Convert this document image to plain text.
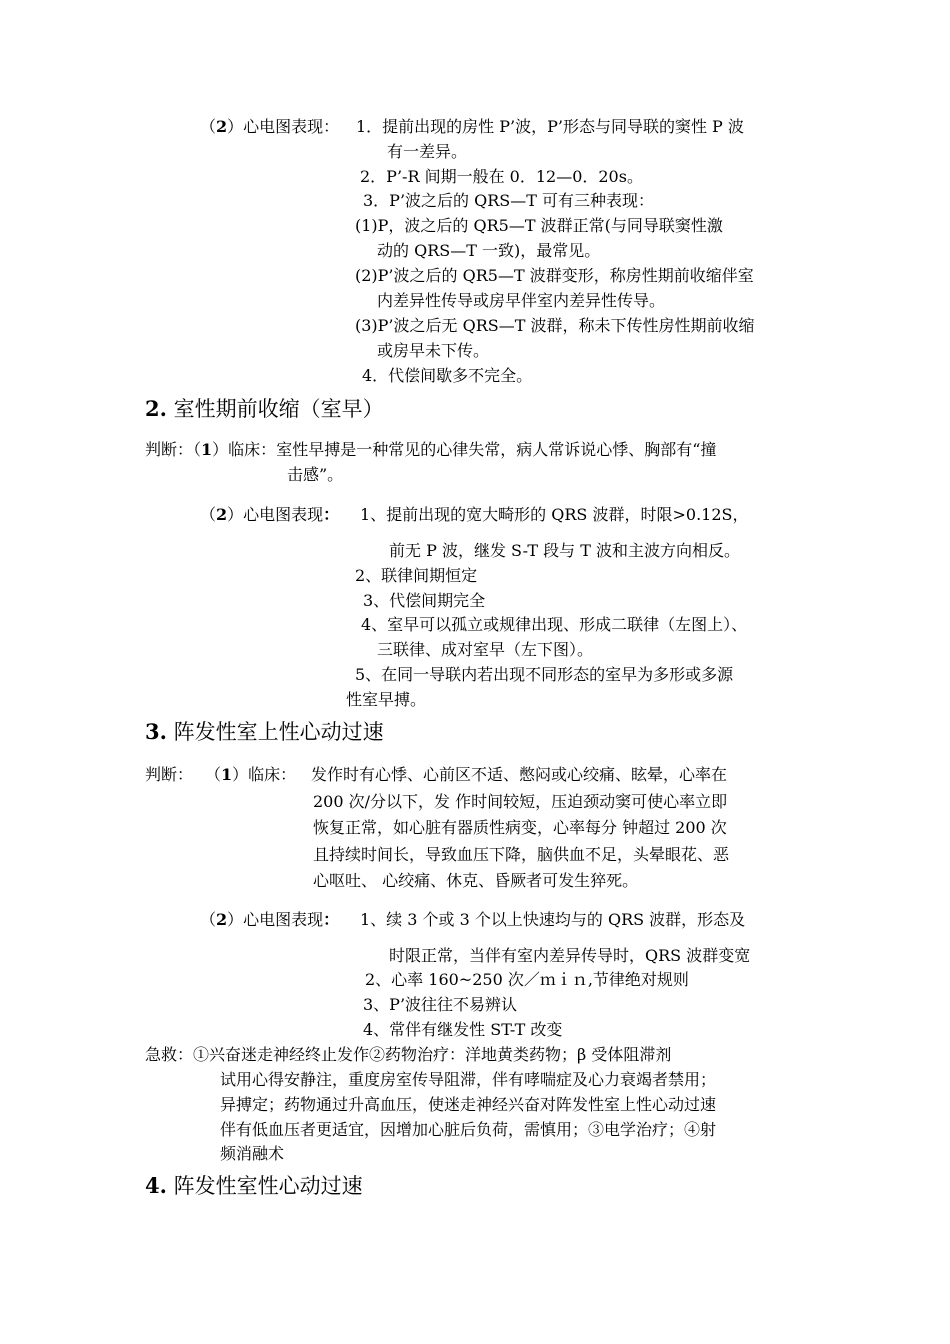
（2）心电图表现： 1．提前出现的房性 P’波，P’形态与同导联的窦性 P 波
有一差异。
2．P’-R 间期一般在 0．12—0．20s。
3．P’波之后的 QRS—T 可有三种表现：
(1)P，波之后的 QR5—T 波群正常(与同导联窦性激
动的 QRS—T 一致)，最常见。
(2)P’波之后的 QR5—T 波群变形，称房性期前收缩伴室
内差异性传导或房早伴室内差异性传导。
(3)P’波之后无 QRS—T 波群，称未下传性房性期前收缩
或房早未下传。
4．代偿间歇多不完全。
2. 室性期前收缩（室早）
判断：（1）临床：室性早搏是一种常见的心律失常，病人常诉说心悸、胸部有“撞
击感”。
（2）心电图表现： 1、提前出现的宽大畸形的 QRS 波群，时限>0.12S，
前无 P 波，继发 S-T 段与 T 波和主波方向相反。
2、联律间期恒定
3、代偿间期完全
4、室早可以孤立或规律出现、形成二联律（左图上）、
三联律、成对室早（左下图）。
5、在同一导联内若出现不同形态的室早为多形或多源
性室早搏。
3. 阵发性室上性心动过速
判断： （1）临床： 发作时有心悸、心前区不适、憋闷或心绞痛、眩晕，心率在
200 次/分以下，发 作时间较短，压迫颈动窦可使心率立即
恢复正常，如心脏有器质性病变，心率每分 钟超过 200 次
且持续时间长，导致血压下降，脑供血不足，头晕眼花、恶
心呕吐、 心绞痛、休克、昏厥者可发生猝死。
（2）心电图表现： 1、续 3 个或 3 个以上快速均与的 QRS 波群，形态及
时限正常，当伴有室内差异传导时，QRS 波群变宽
2、心率 160~250 次／ｍｉｎ,节律绝对规则
3、P’波往往不易辨认
4、常伴有继发性 ST-T 改变
急救：①兴奋迷走神经终止发作②药物治疗：洋地黄类药物；β 受体阻滞剂
试用心得安静注，重度房室传导阻滞，伴有哮喘症及心力衰竭者禁用；
异搏定；药物通过升高血压，使迷走神经兴奋对阵发性室上性心动过速
伴有低血压者更适宜，因增加心脏后负荷，需慎用；③电学治疗；④射
频消融术
4. 阵发性室性心动过速
